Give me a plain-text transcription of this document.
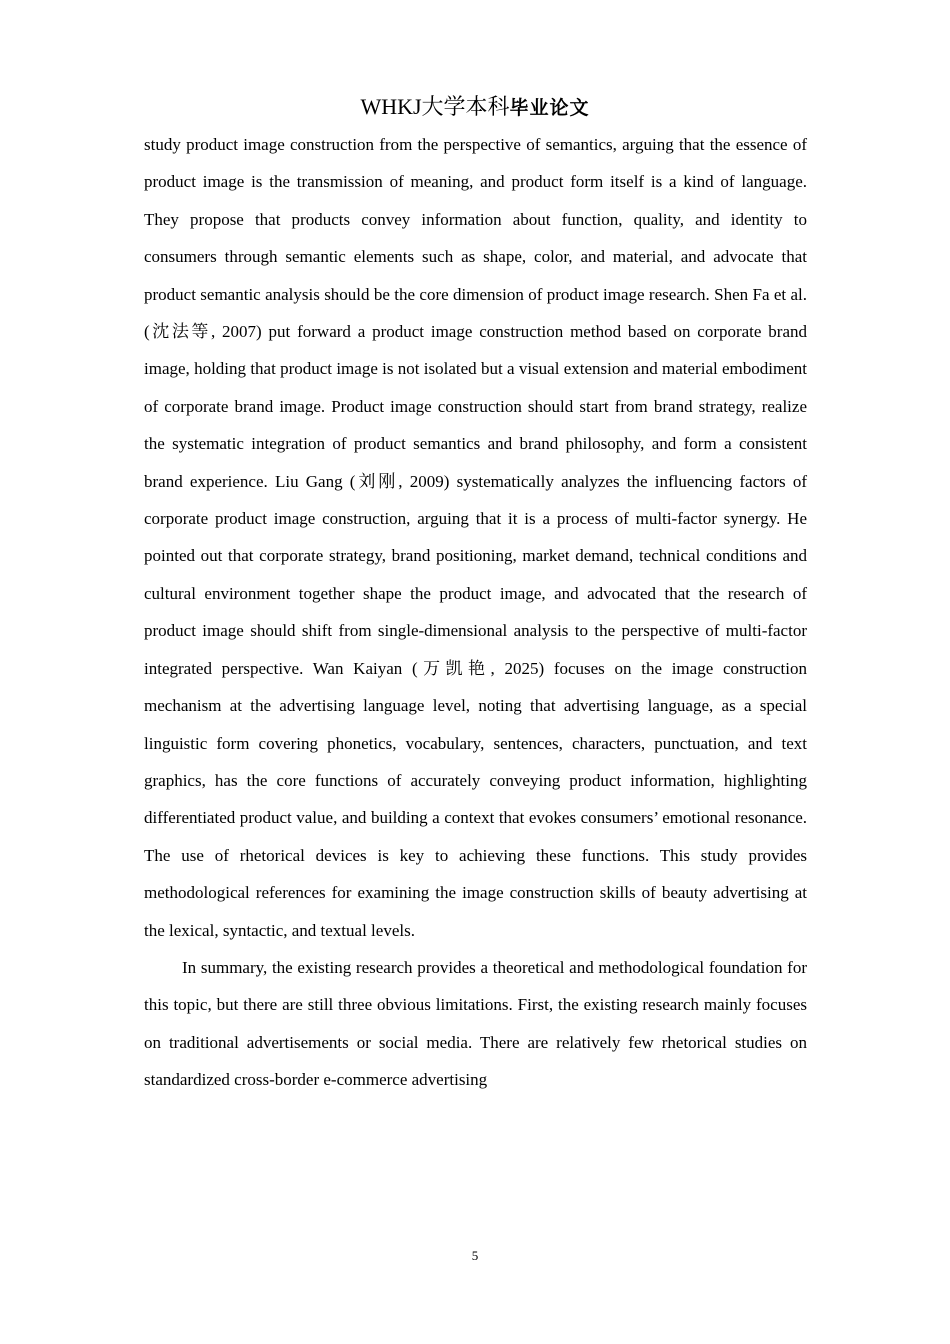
WHKJ大学本科毕业论文

study product image construction from the perspective of semantics, arguing that the essence of product image is the transmission of meaning, and product form itself is a kind of language. They propose that products convey information about function, quality, and identity to consumers through semantic elements such as shape, color, and material, and advocate that product semantic analysis should be the core dimension of product image research. Shen Fa et al. (沈法等, 2007) put forward a product image construction method based on corporate brand image, holding that product image is not isolated but a visual extension and material embodiment of corporate brand image. Product image construction should start from brand strategy, realize the systematic integration of product semantics and brand philosophy, and form a consistent brand experience. Liu Gang (刘刚, 2009) systematically analyzes the influencing factors of corporate product image construction, arguing that it is a process of multi-factor synergy. He pointed out that corporate strategy, brand positioning, market demand, technical conditions and cultural environment together shape the product image, and advocated that the research of product image should shift from single-dimensional analysis to the perspective of multi-factor integrated perspective. Wan Kaiyan (万凯艳, 2025) focuses on the image construction mechanism at the advertising language level, noting that advertising language, as a special linguistic form covering phonetics, vocabulary, sentences, characters, punctuation, and text graphics, has the core functions of accurately conveying product information, highlighting differentiated product value, and building a context that evokes consumers’ emotional resonance. The use of rhetorical devices is key to achieving these functions. This study provides methodological references for examining the image construction skills of beauty advertising at the lexical, syntactic, and textual levels.

In summary, the existing research provides a theoretical and methodological foundation for this topic, but there are still three obvious limitations. First, the existing research mainly focuses on traditional advertisements or social media. There are relatively few rhetorical studies on standardized cross-border e-commerce advertising

5
